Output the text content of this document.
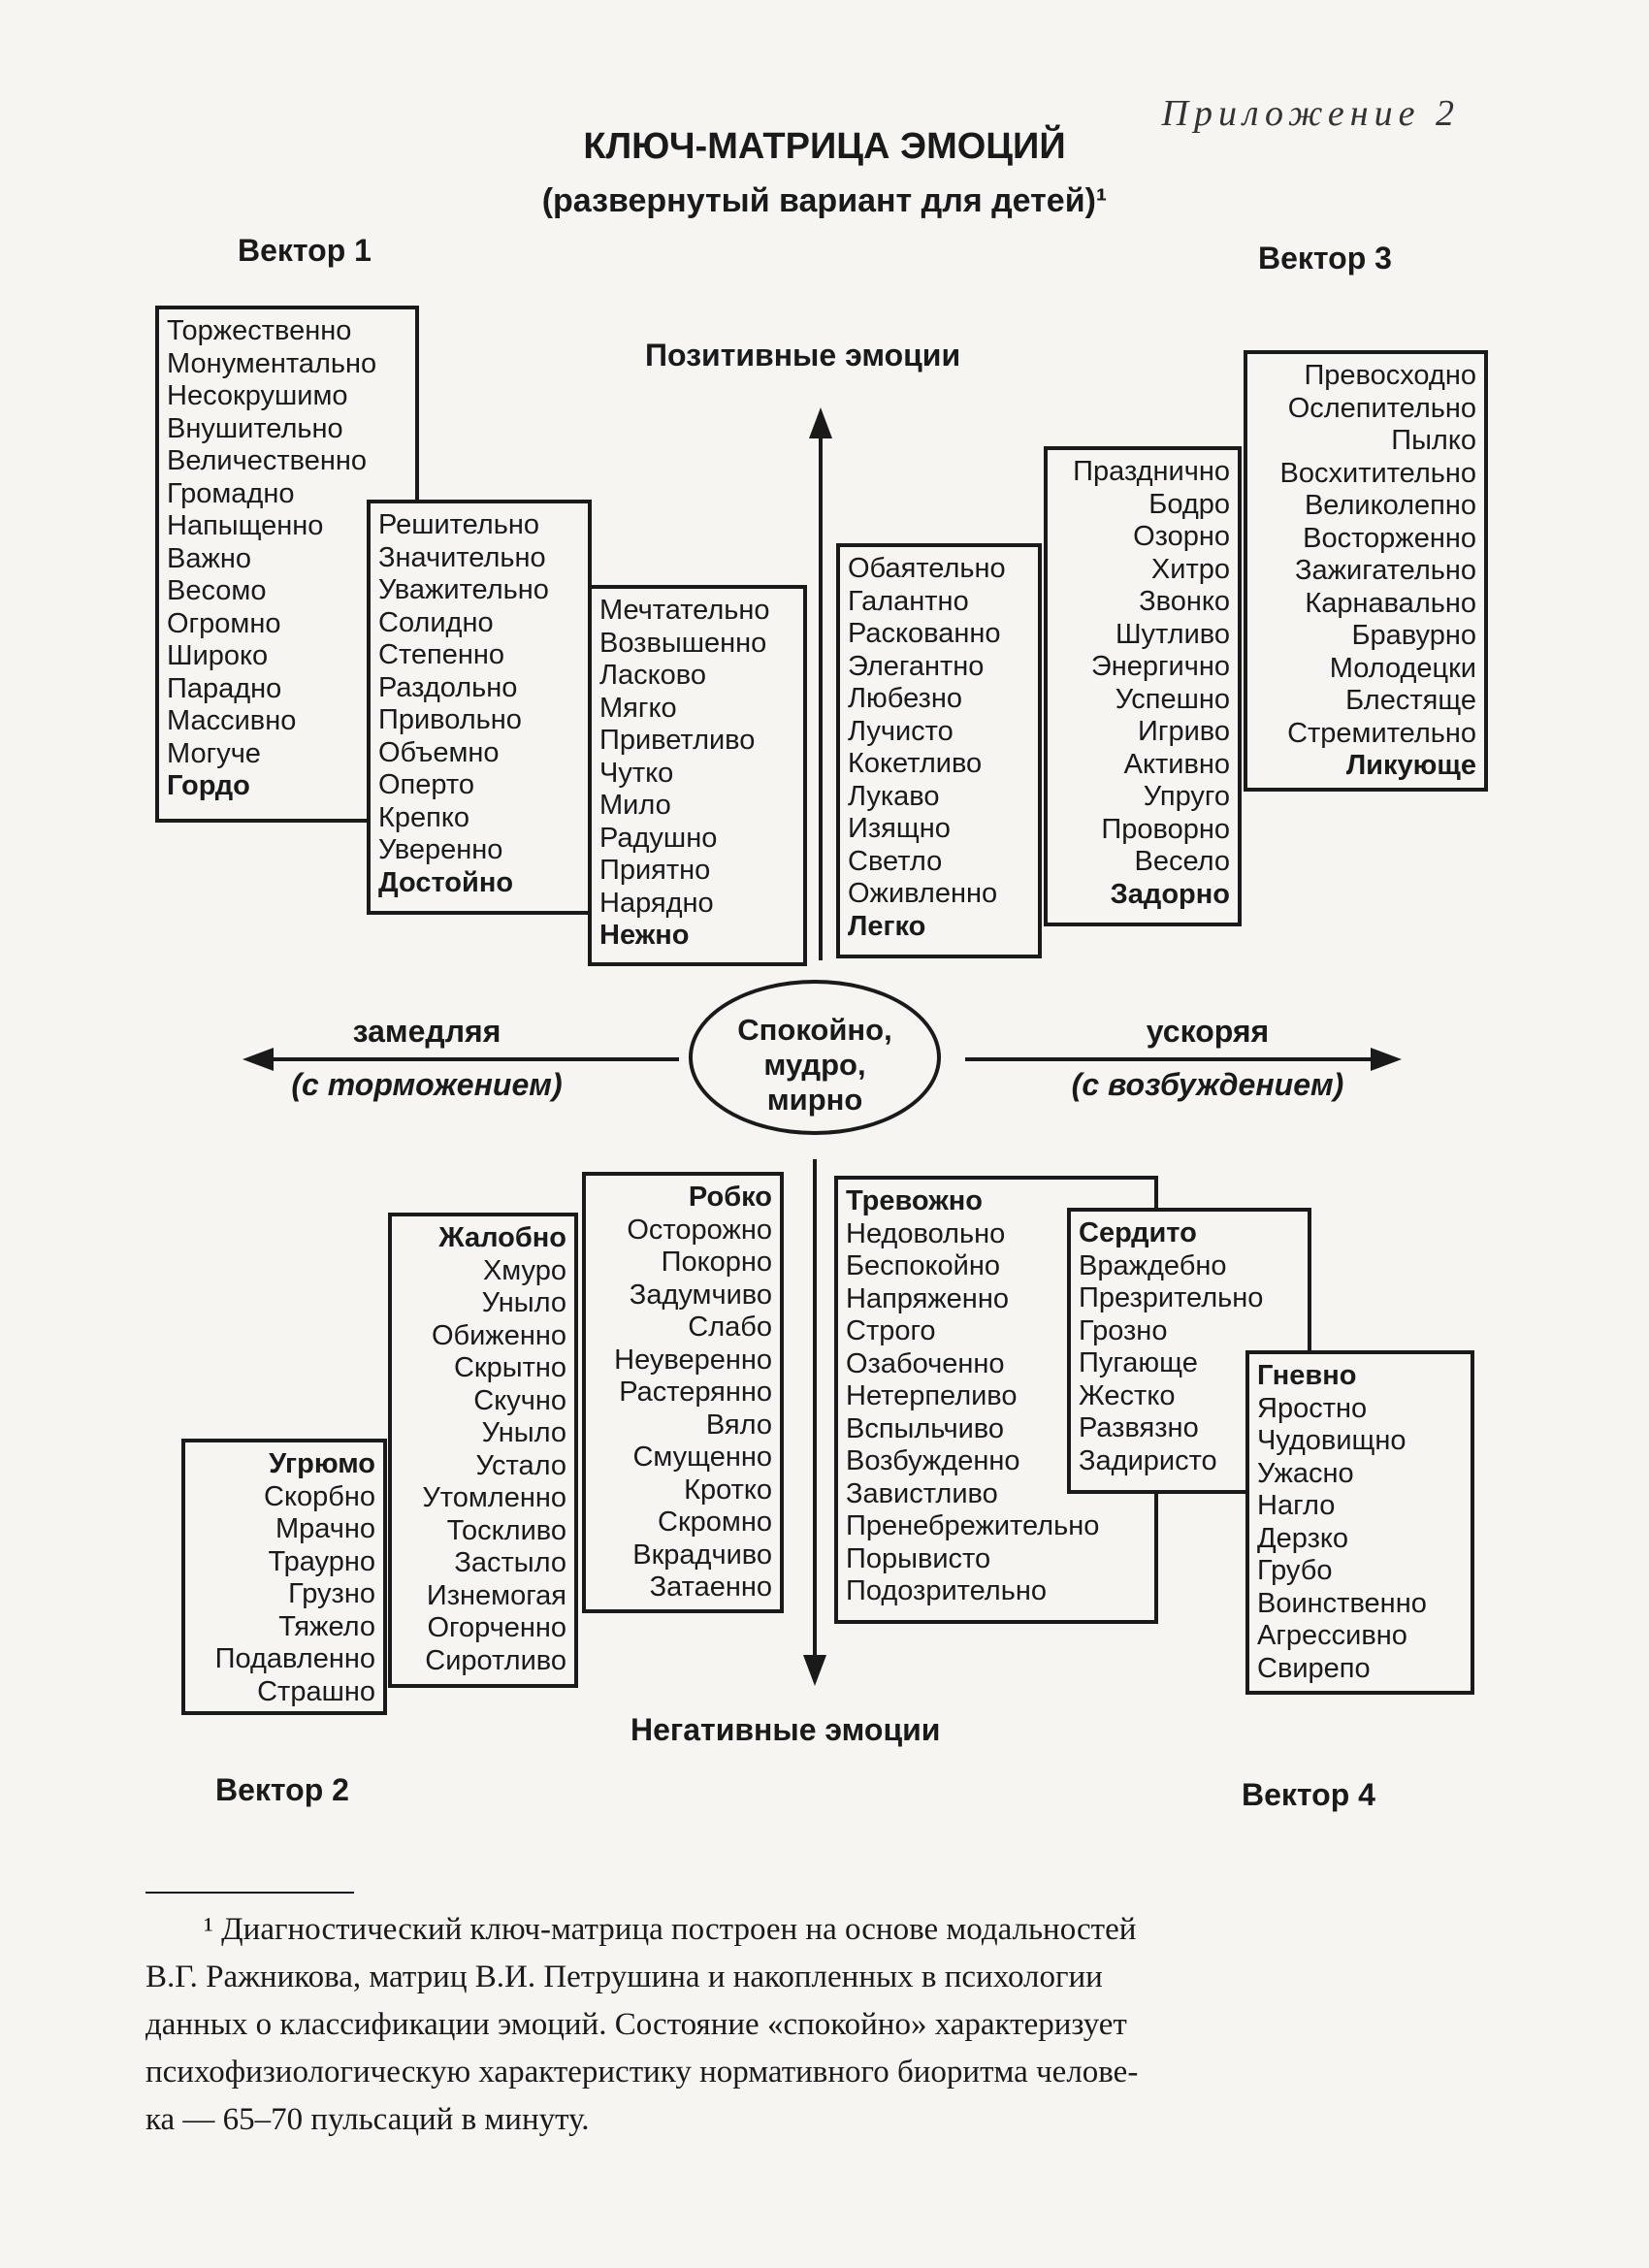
Приложение 2
КЛЮЧ-МАТРИЦА ЭМОЦИЙ
(развернутый вариант для детей)¹
Вектор 1	Вектор 3
Вектор 2	Вектор 4
Позитивные эмоции
Негативные эмоции
замедляя
(с торможением)
ускоряя
(с возбуждением)
Спокойно,
мудро,
мирно
Торжественно
Монументально
Несокрушимо
Внушительно
Величественно
Громадно
Напыщенно
Важно
Весомо
Огромно
Широко
Парадно
Массивно
Могуче
Гордо
Решительно
Значительно
Уважительно
Солидно
Степенно
Раздольно
Привольно
Объемно
Оперто
Крепко
Уверенно
Достойно
Мечтательно
Возвышенно
Ласково
Мягко
Приветливо
Чутко
Мило
Радушно
Приятно
Нарядно
Нежно
Обаятельно
Галантно
Раскованно
Элегантно
Любезно
Лучисто
Кокетливо
Лукаво
Изящно
Светло
Оживленно
Легко
Празднично
Бодро
Озорно
Хитро
Звонко
Шутливо
Энергично
Успешно
Игриво
Активно
Упруго
Проворно
Весело
Задорно
Превосходно
Ослепительно
Пылко
Восхитительно
Великолепно
Восторженно
Зажигательно
Карнавально
Бравурно
Молодецки
Блестяще
Стремительно
Ликующе
Угрюмо
Скорбно
Мрачно
Траурно
Грузно
Тяжело
Подавленно
Страшно
Жалобно
Хмуро
Уныло
Обиженно
Скрытно
Скучно
Уныло
Устало
Утомленно
Тоскливо
Застыло
Изнемогая
Огорченно
Сиротливо
Робко
Осторожно
Покорно
Задумчиво
Слабо
Неуверенно
Растерянно
Вяло
Смущенно
Кротко
Скромно
Вкрадчиво
Затаенно
Тревожно
Недовольно
Беспокойно
Напряженно
Строго
Озабоченно
Нетерпеливо
Вспыльчиво
Возбужденно
Завистливо
Пренебрежительно
Порывисто
Подозрительно
Сердито
Враждебно
Презрительно
Грозно
Пугающе
Жестко
Развязно
Задиристо
Гневно
Яростно
Чудовищно
Ужасно
Нагло
Дерзко
Грубо
Воинственно
Агрессивно
Свирепо

¹ Диагностический ключ-матрица построен на основе модальностей

В.Г. Ражникова, матриц В.И. Петрушина и накопленных в психологии

данных о классификации эмоций. Состояние «спокойно» характеризует

психофизиологическую характеристику нормативного биоритма челове-

ка — 65–70 пульсаций в минуту.
